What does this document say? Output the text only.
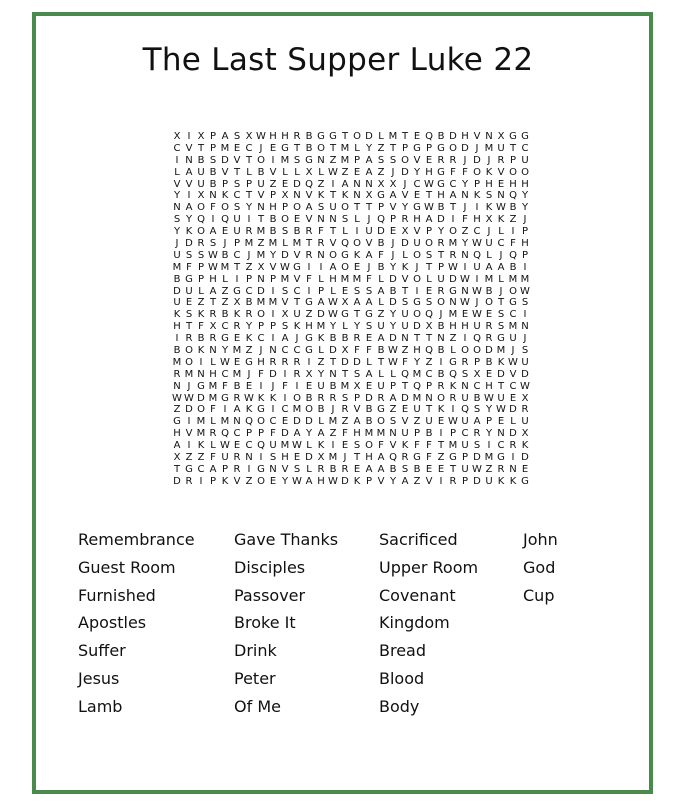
The Last Supper Luke 22
X I X P A S X W H H R B G G T O D L M T E Q B D H V N X G G
C V T P M E C J E G T B O T M L Y Z T P G P G O D J M U T C
I N B S D V T O I M S G N Z M P A S S O V E R R J D J R P U
L A U B V T L B V L L X L W Z E A Z J D Y H G F F O K V O O
V V U B P S P U Z E D Q Z I A N N X X J C W G C Y P H E H H
Y I X N K C T V P X N V K T K N X G A V E T H A N K S N Q Y
N A O F O S Y N H P O A S U O T T P V Y G W B T J I K W B Y
S Y Q I Q U I T B O E V N N S L J Q P R H A D I F H X K Z J
Y K O A E U R M B S B R F T L I U D E X V P Y O Z C J L I P
J D R S J P M Z M L M T R V Q O V B J D U O R M Y W U C F H
U S S W B C J M Y D V R N O G K A F J L O S T R N Q L J Q P
M F P W M T Z X V W G I I A O E J B Y K J T P W I U A A B I
B G P H L I P N P M V F L H M M F L D V O L U D W I M L M M
D U L A Z G C D I S C I P L E S S A B T I E R G N W B J O W
U E Z T Z X B M M V T G A W X A A L D S G S O N W J O T G S
K S K R B K R O I X U Z D W G T G Z Y U O Q J M E W E S C I
H T F X C R Y P P S K H M Y L Y S U Y U D X B H H U R S M N
I R B R G E K C I A J G K B B R E A D N T T N Z I Q R G U J
B O K N Y M Z J N C C G L D X F F B W Z H Q B L O O D M J S
M O I L W E G H R R R I Z T D D L T W F Y Z I G R P B K W U
R M N H C M J F D I R X Y N T S A L L Q M C B Q S X E D V D
N J G M F B E I J F I E U B M X E U P T Q P R K N C H T C W
W W D M G R W K K I O B R R S P D R A D M N O R U B W U E X
Z D O F I A K G I C M O B J R V B G Z E U T K I Q S Y W D R
G I M L M N Q O C E D D L M Z A B O S V Z U E W U A P E L U
H V M R Q C P P F D A Y A Z F H M M N U P B I P C R Y N D X
A I K L W E C Q U M W L K I E S O F V K F F T M U S I C R K
X Z Z F U R N I S H E D X M J T H A Q R G F Z G P D M G I D
T G C A P R I G N V S L R B R E A A B S B E E T U W Z R N E
D R I P K V Z O E Y W A H W D K P V Y A Z V I R P D U K K G
Remembrance
Guest Room
Furnished
Apostles
Suffer
Jesus
Lamb
Gave Thanks
Disciples
Passover
Broke It
Drink
Peter
Of Me
Sacrificed
Upper Room
Covenant
Kingdom
Bread
Blood
Body
John
God
Cup
